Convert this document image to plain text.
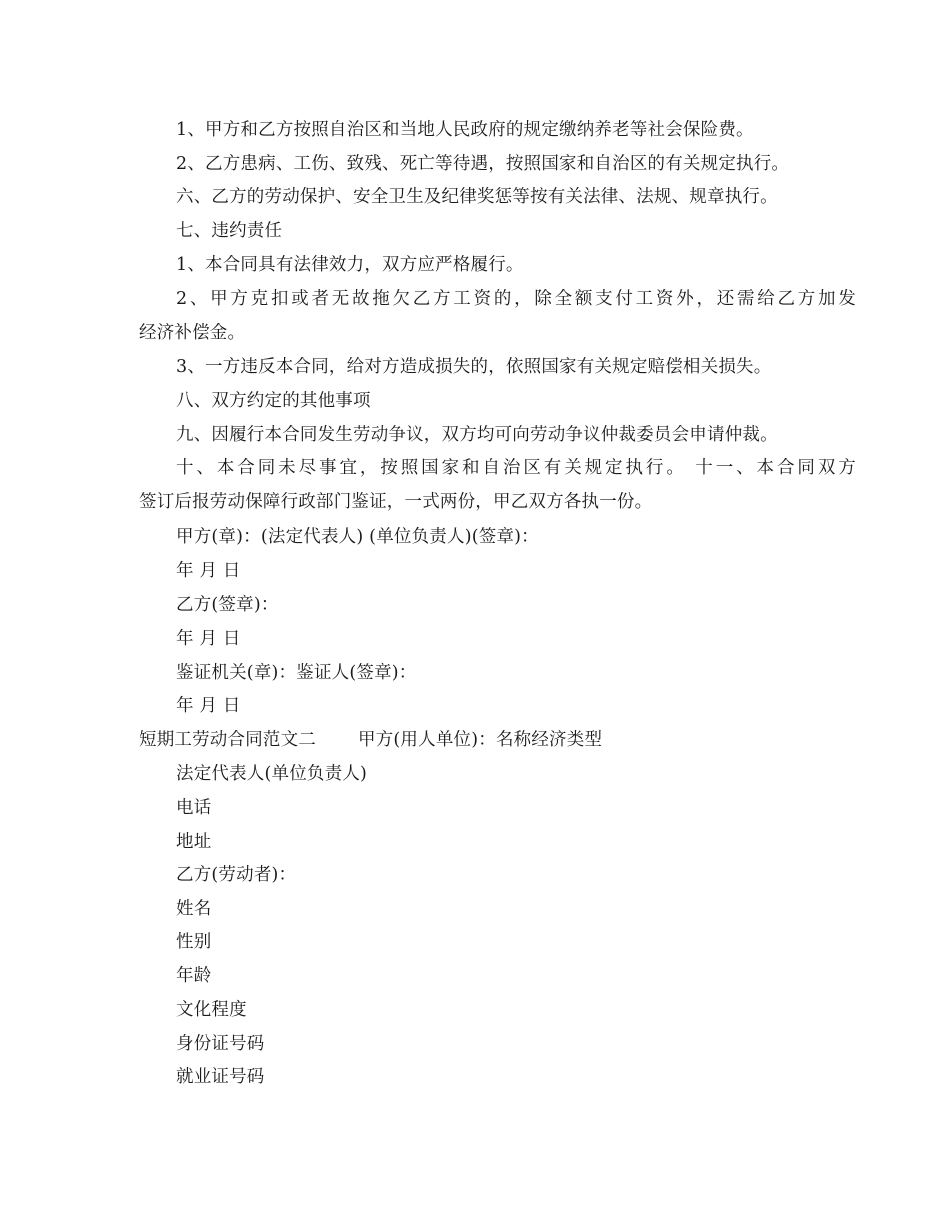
1、甲方和乙方按照自治区和当地人民政府的规定缴纳养老等社会保险费。
2、乙方患病、工伤、致残、死亡等待遇，按照国家和自治区的有关规定执行。
六、乙方的劳动保护、安全卫生及纪律奖惩等按有关法律、法规、规章执行。
七、违约责任
1、本合同具有法律效力，双方应严格履行。
2、甲方克扣或者无故拖欠乙方工资的，除全额支付工资外，还需给乙方加发
经济补偿金。
3、一方违反本合同，给对方造成损失的，依照国家有关规定赔偿相关损失。
八、双方约定的其他事项
九、因履行本合同发生劳动争议，双方均可向劳动争议仲裁委员会申请仲裁。
十、本合同未尽事宜，按照国家和自治区有关规定执行。 十一、本合同双方
签订后报劳动保障行政部门鉴证，一式两份，甲乙双方各执一份。
甲方(章)：(法定代表人) (单位负责人)(签章)：
年 月 日
乙方(签章)：
年 月 日
鉴证机关(章)：鉴证人(签章)：
年 月 日
短期工劳动合同范文二 甲方(用人单位)：名称经济类型
法定代表人(单位负责人)
电话
地址
乙方(劳动者)：
姓名
性别
年龄
文化程度
身份证号码
就业证号码
